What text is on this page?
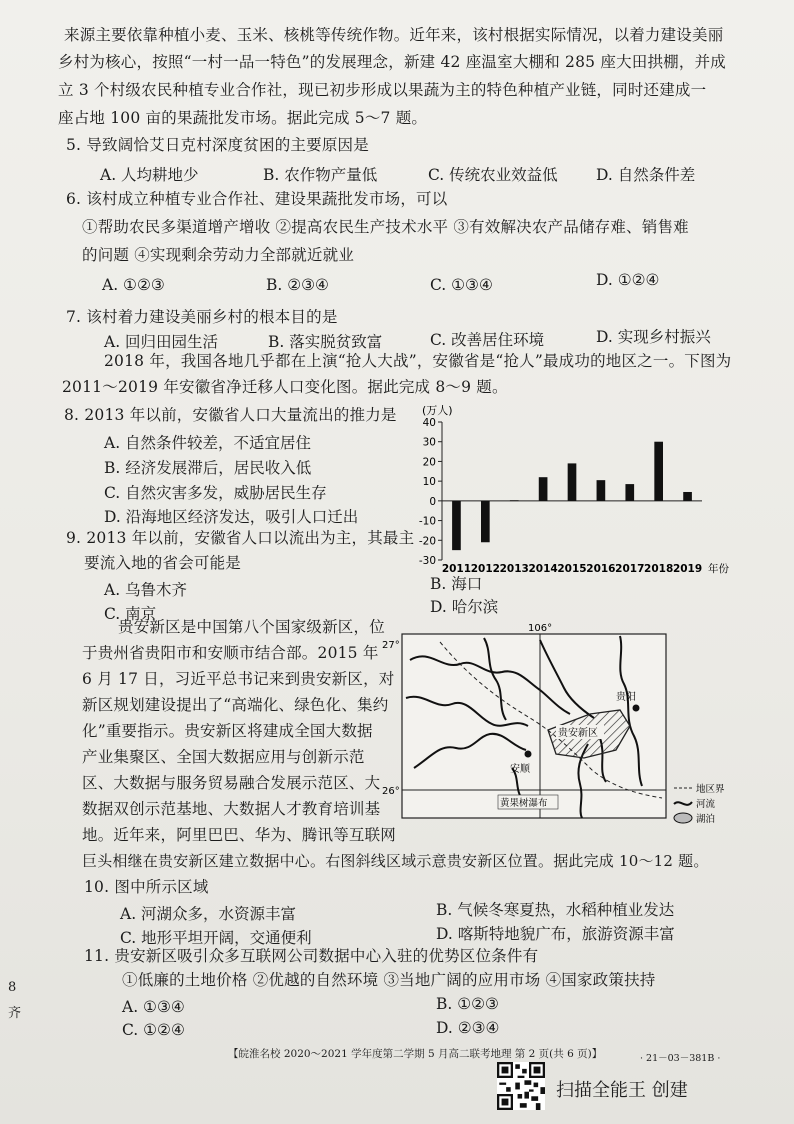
来源主要依靠种植小麦、玉米、核桃等传统作物。近年来，该村根据实际情况，以着力建设美丽
乡村为核心，按照“一村一品一特色”的发展理念，新建 42 座温室大棚和 285 座大田拱棚，并成
立 3 个村级农民种植专业合作社，现已初步形成以果蔬为主的特色种植产业链，同时还建成一
座占地 100 亩的果蔬批发市场。据此完成 5～7 题。
5. 导致阔恰艾日克村深度贫困的主要原因是
A. 人均耕地少	B. 农作物产量低	C. 传统农业效益低 D. 自然条件差
6. 该村成立种植专业合作社、建设果蔬批发市场，可以
①帮助农民多渠道增产增收 ②提高农民生产技术水平 ③有效解决农产品储存难、销售难
的问题 ④实现剩余劳动力全部就近就业
A. ①②③	B. ②③④	C. ①③④	D. ①②④
7. 该村着力建设美丽乡村的根本目的是
A. 回归田园生活	B. 落实脱贫致富	C. 改善居住环境	D. 实现乡村振兴
2018 年，我国各地几乎都在上演“抢人大战”，安徽省是“抢人”最成功的地区之一。下图为
2011～2019 年安徽省净迁移人口变化图。据此完成 8～9 题。
8. 2013 年以前，安徽省人口大量流出的推力是
A. 自然条件较差，不适宜居住
B. 经济发展滞后，居民收入低
C. 自然灾害多发，威胁居民生存
D. 沿海地区经济发达，吸引人口迁出
9. 2013 年以前，安徽省人口以流出为主，其最主
要流入地的省会可能是
A. 乌鲁木齐	B. 海口
C. 南京	D. 哈尔滨
(万人)
40
30
20
10
0
-10
-20
-30
2011 2012 2013 2014 2015 2016 2017 2018 2019 年份
贵安新区是中国第八个国家级新区，位
于贵州省贵阳市和安顺市结合部。2015 年
6 月 17 日，习近平总书记来到贵安新区，对
新区规划建设提出了“高端化、绿色化、集约
化”重要指示。贵安新区将建成全国大数据
产业集聚区、全国大数据应用与创新示范
区、大数据与服务贸易融合发展示范区、大
数据双创示范基地、大数据人才教育培训基
地。近年来，阿里巴巴、华为、腾讯等互联网
巨头相继在贵安新区建立数据中心。右图斜线区域示意贵安新区位置。据此完成 10～12 题。
106°
27°
26°
贵安新区
贵阳
安顺
黄果树瀑布
地区界
河流
湖泊
10. 图中所示区域
A. 河湖众多，水资源丰富	B. 气候冬寒夏热，水稻种植业发达
C. 地形平坦开阔，交通便利	D. 喀斯特地貌广布，旅游资源丰富
11. 贵安新区吸引众多互联网公司数据中心入驻的优势区位条件有
①低廉的土地价格 ②优越的自然环境 ③当地广阔的应用市场 ④国家政策扶持
A. ①③④	B. ①②③
C. ①②④	D. ②③④
8
齐
【皖淮名校 2020～2021 学年度第二学期 5 月高二联考地理 第 2 页(共 6 页)】	· 21－03－381B ·
扫描全能王 创建
